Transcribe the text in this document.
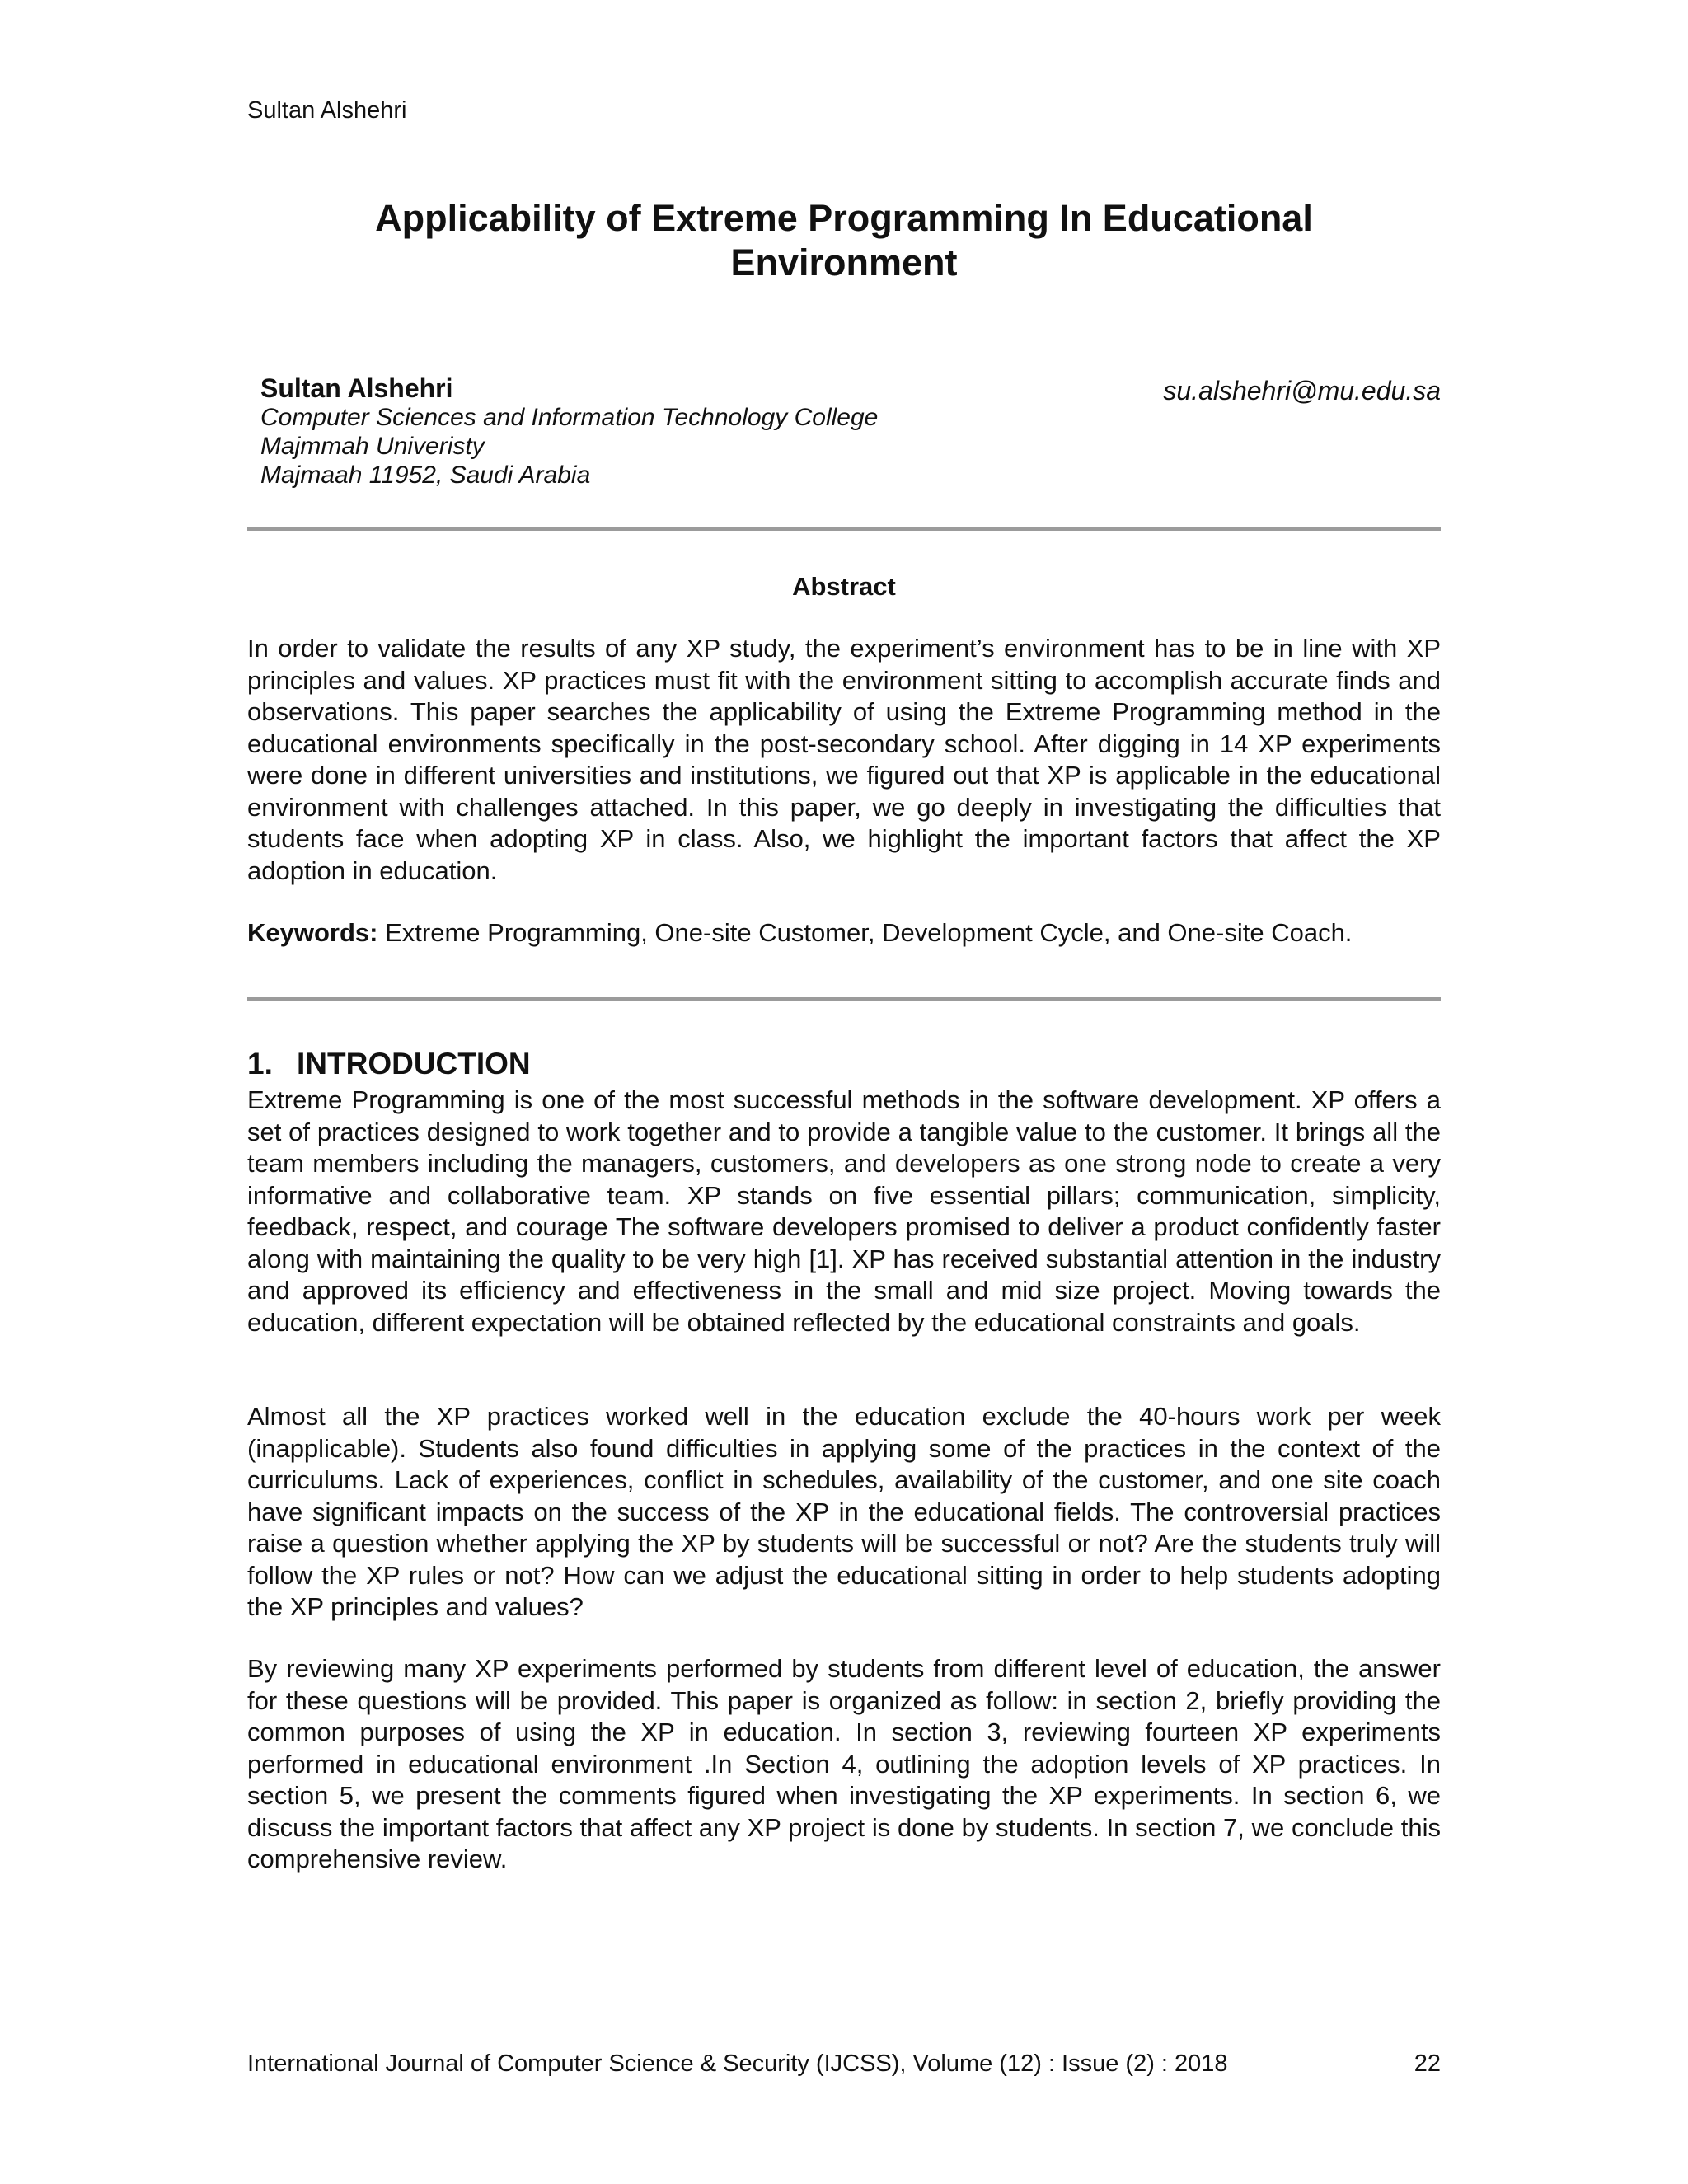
Sultan Alshehri
Applicability of Extreme Programming In Educational
Environment
Sultan Alshehri
Computer Sciences and Information Technology College
Majmmah Univeristy
Majmaah 11952, Saudi Arabia
su.alshehri@mu.edu.sa
Abstract
In order to validate the results of any XP study, the experiment’s environment has to be in line with XP principles and values. XP practices must fit with the environment sitting to accomplish accurate finds and observations. This paper searches the applicability of using the Extreme Programming method in the educational environments specifically in the post-secondary school. After digging in 14 XP experiments were done in different universities and institutions, we figured out that XP is applicable in the educational environment with challenges attached. In this paper, we go deeply in investigating the difficulties that students face when adopting XP in class. Also, we highlight the important factors that affect the XP adoption in education.
Keywords: Extreme Programming, One-site Customer, Development Cycle, and One-site Coach.
1. INTRODUCTION
Extreme Programming is one of the most successful methods in the software development. XP offers a set of practices designed to work together and to provide a tangible value to the customer. It brings all the team members including the managers, customers, and developers as one strong node to create a very informative and collaborative team. XP stands on five essential pillars; communication, simplicity, feedback, respect, and courage The software developers promised to deliver a product confidently faster along with maintaining the quality to be very high [1]. XP has received substantial attention in the industry and approved its efficiency and effectiveness in the small and mid size project. Moving towards the education, different expectation will be obtained reflected by the educational constraints and goals.
Almost all the XP practices worked well in the education exclude the 40-hours work per week (inapplicable). Students also found difficulties in applying some of the practices in the context of the curriculums. Lack of experiences, conflict in schedules, availability of the customer, and one site coach have significant impacts on the success of the XP in the educational fields. The controversial practices raise a question whether applying the XP by students will be successful or not? Are the students truly will follow the XP rules or not? How can we adjust the educational sitting in order to help students adopting the XP principles and values?
By reviewing many XP experiments performed by students from different level of education, the answer for these questions will be provided. This paper is organized as follow: in section 2, briefly providing the common purposes of using the XP in education. In section 3, reviewing fourteen XP experiments performed in educational environment .In Section 4, outlining the adoption levels of XP practices. In section 5, we present the comments figured when investigating the XP experiments. In section 6, we discuss the important factors that affect any XP project is done by students. In section 7, we conclude this comprehensive review.
International Journal of Computer Science & Security (IJCSS), Volume (12) : Issue (2) : 2018	22
